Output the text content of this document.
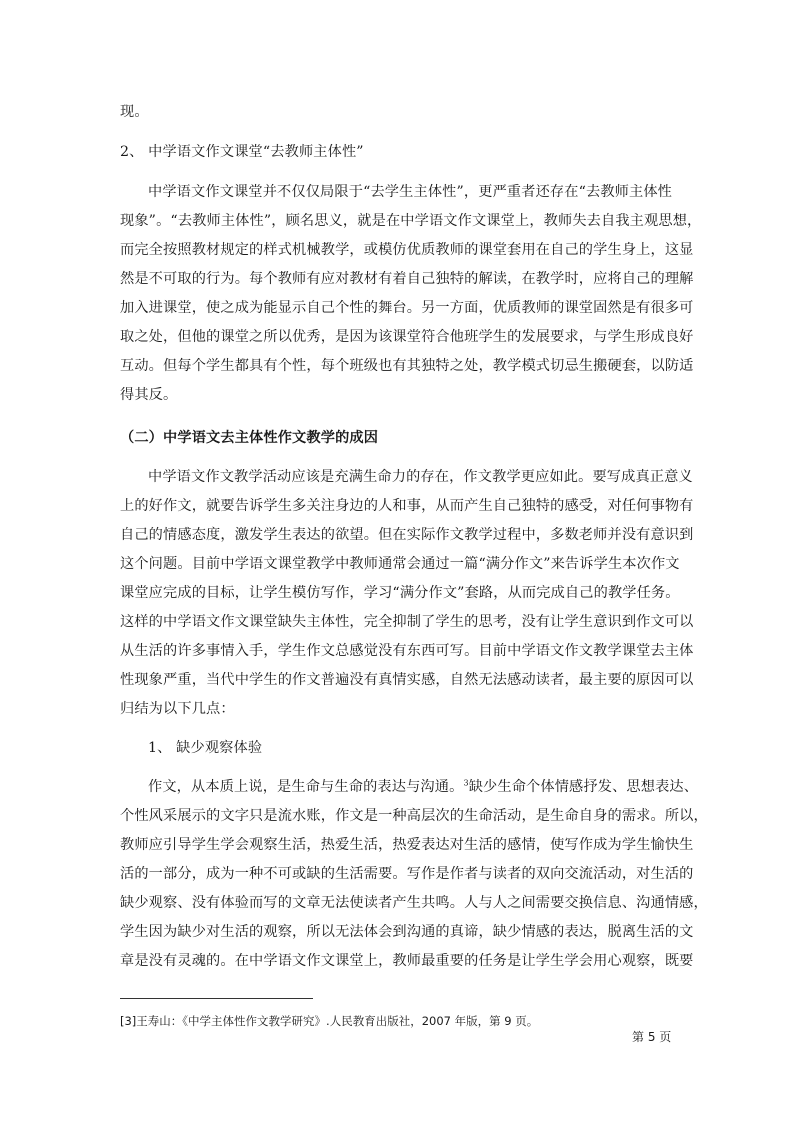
现。
2、 中学语文作文课堂“去教师主体性”
中学语文作文课堂并不仅仅局限于“去学生主体性”，更严重者还存在“去教师主体性
现象”。“去教师主体性”，顾名思义，就是在中学语文作文课堂上，教师失去自我主观思想，
而完全按照教材规定的样式机械教学，或模仿优质教师的课堂套用在自己的学生身上，这显
然是不可取的行为。每个教师有应对教材有着自己独特的解读，在教学时，应将自己的理解
加入进课堂，使之成为能显示自己个性的舞台。另一方面，优质教师的课堂固然是有很多可
取之处，但他的课堂之所以优秀，是因为该课堂符合他班学生的发展要求，与学生形成良好
互动。但每个学生都具有个性，每个班级也有其独特之处，教学模式切忌生搬硬套，以防适
得其反。
（二）中学语文去主体性作文教学的成因
中学语文作文教学活动应该是充满生命力的存在，作文教学更应如此。要写成真正意义
上的好作文，就要告诉学生多关注身边的人和事，从而产生自己独特的感受，对任何事物有
自己的情感态度，激发学生表达的欲望。但在实际作文教学过程中，多数老师并没有意识到
这个问题。目前中学语文课堂教学中教师通常会通过一篇“满分作文”来告诉学生本次作文
课堂应完成的目标，让学生模仿写作，学习“满分作文”套路，从而完成自己的教学任务。
这样的中学语文作文课堂缺失主体性，完全抑制了学生的思考，没有让学生意识到作文可以
从生活的许多事情入手，学生作文总感觉没有东西可写。目前中学语文作文教学课堂去主体
性现象严重，当代中学生的作文普遍没有真情实感，自然无法感动读者，最主要的原因可以
归结为以下几点：
1、 缺少观察体验
作文，从本质上说，是生命与生命的表达与沟通。$^3$缺少生命个体情感抒发、思想表达、
个性风采展示的文字只是流水账，作文是一种高层次的生命活动，是生命自身的需求。所以，
教师应引导学生学会观察生活，热爱生活，热爱表达对生活的感情，使写作成为学生愉快生
活的一部分，成为一种不可或缺的生活需要。写作是作者与读者的双向交流活动，对生活的
缺少观察、没有体验而写的文章无法使读者产生共鸣。人与人之间需要交换信息、沟通情感，
学生因为缺少对生活的观察，所以无法体会到沟通的真谛，缺少情感的表达，脱离生活的文
章是没有灵魂的。在中学语文作文课堂上，教师最重要的任务是让学生学会用心观察，既要
[3]王寿山：《中学主体性作文教学研究》.人民教育出版社，2007 年版，第 9 页。
第 5 页
